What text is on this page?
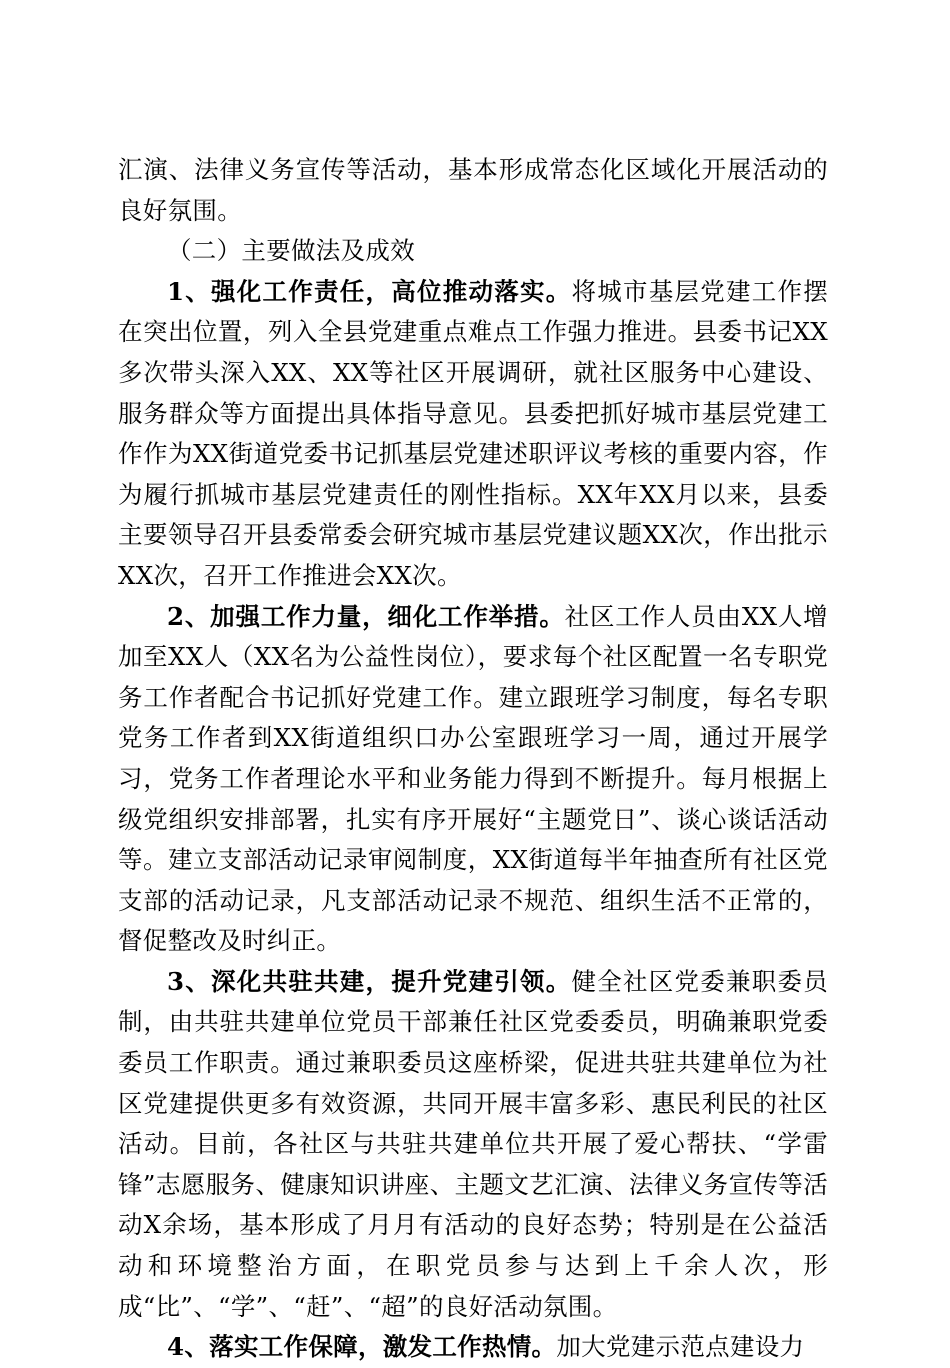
汇演、法律义务宣传等活动，基本形成常态化区域化开展活动的良好氛围。

（二）主要做法及成效

1、强化工作责任，高位推动落实。将城市基层党建工作摆在突出位置，列入全县党建重点难点工作强力推进。县委书记XX多次带头深入XX、XX等社区开展调研，就社区服务中心建设、服务群众等方面提出具体指导意见。县委把抓好城市基层党建工作作为XX街道党委书记抓基层党建述职评议考核的重要内容，作为履行抓城市基层党建责任的刚性指标。XX年XX月以来，县委主要领导召开县委常委会研究城市基层党建议题XX次，作出批示XX次，召开工作推进会XX次。

2、加强工作力量，细化工作举措。社区工作人员由XX人增加至XX人（XX名为公益性岗位），要求每个社区配置一名专职党务工作者配合书记抓好党建工作。建立跟班学习制度，每名专职党务工作者到XX街道组织口办公室跟班学习一周，通过开展学习，党务工作者理论水平和业务能力得到不断提升。每月根据上级党组织安排部署，扎实有序开展好“主题党日”、谈心谈话活动等。建立支部活动记录审阅制度，XX街道每半年抽查所有社区党支部的活动记录，凡支部活动记录不规范、组织生活不正常的，督促整改及时纠正。

3、深化共驻共建，提升党建引领。健全社区党委兼职委员制，由共驻共建单位党员干部兼任社区党委委员，明确兼职党委委员工作职责。通过兼职委员这座桥梁，促进共驻共建单位为社区党建提供更多有效资源，共同开展丰富多彩、惠民利民的社区活动。目前，各社区与共驻共建单位共开展了爱心帮扶、“学雷锋”志愿服务、健康知识讲座、主题文艺汇演、法律义务宣传等活动X余场，基本形成了月月有活动的良好态势；特别是在公益活动和环境整治方面，在职党员参与达到上千余人次，形成“比”、“学”、“赶”、“超”的良好活动氛围。

4、落实工作保障，激发工作热情。加大党建示范点建设力
